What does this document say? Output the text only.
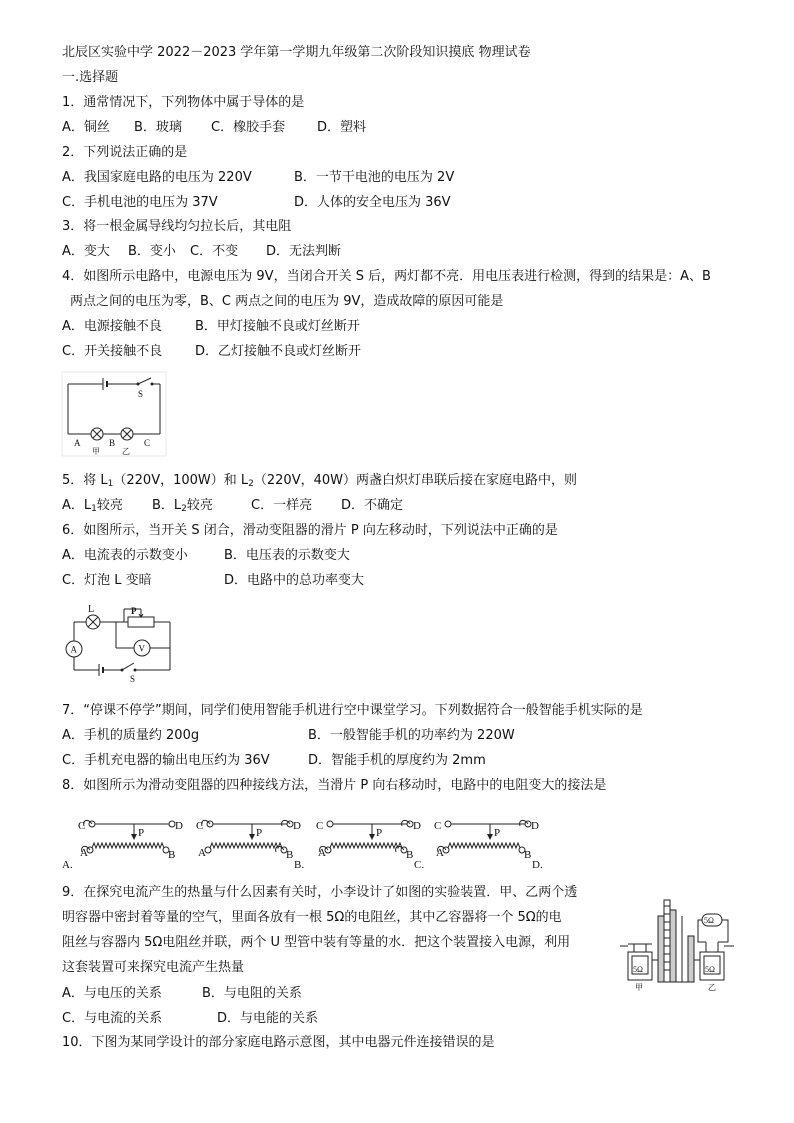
北辰区实验中学 2022－2023 学年第一学期九年级第二次阶段知识摸底 物理试卷
一.选择题
1．通常情况下，下列物体中属于导体的是
A．铜丝 B．玻璃 C．橡胶手套 D．塑料
2．下列说法正确的是
A．我国家庭电路的电压为 220V	B．一节干电池的电压为 2V
C．手机电池的电压为 37V	D．人体的安全电压为 36V
3．将一根金属导线均匀拉长后，其电阻
A．变大 B．变小 C．不变 D．无法判断
4．如图所示电路中，电源电压为 9V，当闭合开关 S 后，两灯都不亮．用电压表进行检测，得到的结果是：A、B
两点之间的电压为零，B、C 两点之间的电压为 9V，造成故障的原因可能是
A．电源接触不良	B．甲灯接触不良或灯丝断开
C．开关接触不良	D．乙灯接触不良或灯丝断开
S
A	B	C
甲	乙
5．将 $L_1(220V$，100W）和 $L_2(220V$，40W）两盏白炽灯串联后接在家庭电路中，则
A．$L_1$较亮 B．$L_2$较亮	C．一样亮 D．不确定
6．如图所示，当开关 S 闭合，滑动变阻器的滑片 P 向左移动时，下列说法中正确的是
A．电流表的示数变小	B．电压表的示数变大
C．灯泡 L 变暗	D．电路中的总功率变大
L	P
A	V
S
7．“停课不停学”期间，同学们使用智能手机进行空中课堂学习。下列数据符合一般智能手机实际的是
A．手机的质量约 200g	B．一般智能手机的功率约为 220W
C．手机充电器的输出电压约为 36V	D．智能手机的厚度约为 2mm
8．如图所示为滑动变阻器的四种接线方法，当滑片 P 向右移动时，电路中的电阻变大的接法是
C	D
A	B
P
A.
C	D
A	B
P
B.
C	D
A	B
P
C.
C	D
A	B
P
D.
9．在探究电流产生的热量与什么因素有关时，小李设计了如图的实验装置．甲、乙两个透
明容器中密封着等量的空气，里面各放有一根 5Ω的电阻丝，其中乙容器将一个 5Ω的电
阻丝与容器内 5Ω电阻丝并联，两个 U 型管中装有等量的水．把这个装置接入电源，利用
这套装置可来探究电流产生热量
A．与电压的关系	B．与电阻的关系
C．与电流的关系	D．与电能的关系
5Ω	5Ω
5Ω
甲	乙
10．下图为某同学设计的部分家庭电路示意图，其中电器元件连接错误的是
